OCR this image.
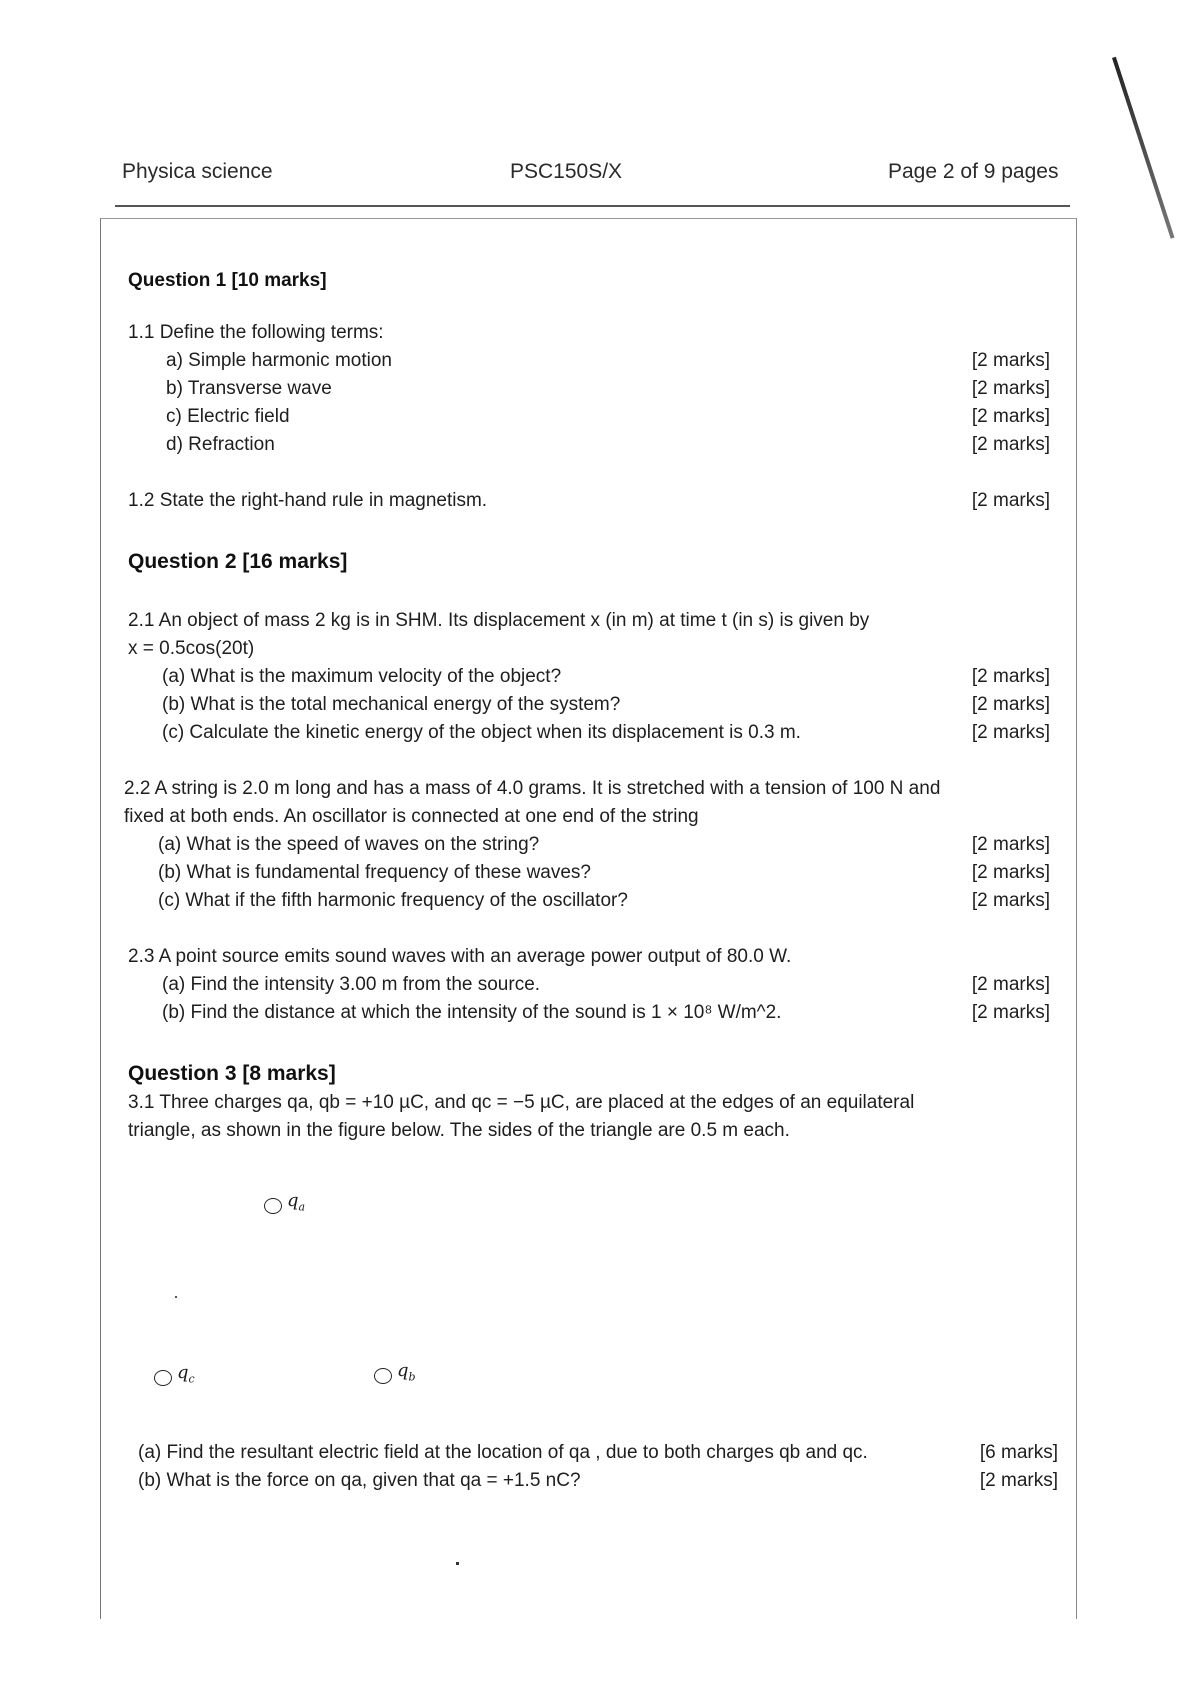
Physica science	PSC150S/X	Page 2 of 9 pages
Question 1 [10 marks]
1.1 Define the following terms:
a) Simple harmonic motion	[2 marks]
b) Transverse wave	[2 marks]
c) Electric field	[2 marks]
d) Refraction	[2 marks]
1.2 State the right-hand rule in magnetism.	[2 marks]
Question 2 [16 marks]
2.1 An object of mass 2 kg is in SHM. Its displacement x (in m) at time t (in s) is given by
x = 0.5cos(20t)
(a) What is the maximum velocity of the object?	[2 marks]
(b) What is the total mechanical energy of the system?	[2 marks]
(c) Calculate the kinetic energy of the object when its displacement is 0.3 m.	[2 marks]
2.2 A string is 2.0 m long and has a mass of 4.0 grams. It is stretched with a tension of 100 N and
fixed at both ends. An oscillator is connected at one end of the string
(a) What is the speed of waves on the string?	[2 marks]
(b) What is fundamental frequency of these waves?	[2 marks]
(c) What if the fifth harmonic frequency of the oscillator?	[2 marks]
2.3 A point source emits sound waves with an average power output of 80.0 W.
(a) Find the intensity 3.00 m from the source.	[2 marks]
(b) Find the distance at which the intensity of the sound is 1 × 10⁸ W/m^2.	[2 marks]
Question 3 [8 marks]
3.1 Three charges qa, qb = +10 µC, and qc = −5 µC, are placed at the edges of an equilateral
triangle, as shown in the figure below. The sides of the triangle are 0.5 m each.
$q_a$
$q_c$	$q_b$
(a) Find the resultant electric field at the location of qa , due to both charges qb and qc.	[6 marks]
(b) What is the force on qa, given that qa = +1.5 nC?	[2 marks]
